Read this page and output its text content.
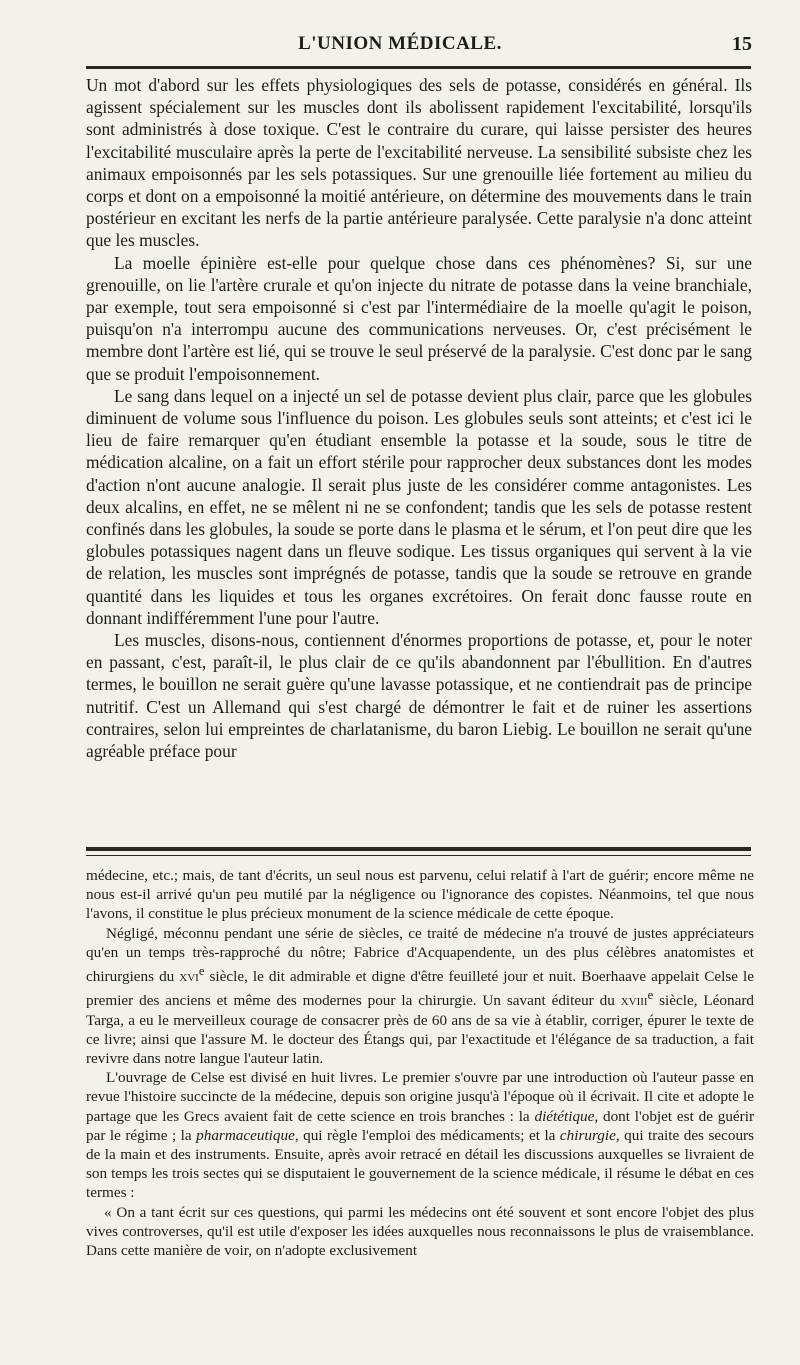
L'UNION MÉDICALE.	15

Un mot d'abord sur les effets physiologiques des sels de potasse, considérés en général. Ils agissent spécialement sur les muscles dont ils abolissent rapidement l'excitabilité, lorsqu'ils sont administrés à dose toxique. C'est le contraire du curare, qui laisse persister des heures l'excitabilité musculaire après la perte de l'excitabilité nerveuse. La sensibilité subsiste chez les animaux empoisonnés par les sels potassiques. Sur une grenouille liée fortement au milieu du corps et dont on a empoisonné la moitié antérieure, on détermine des mouvements dans le train postérieur en excitant les nerfs de la partie antérieure paralysée. Cette paralysie n'a donc atteint que les muscles.

La moelle épinière est-elle pour quelque chose dans ces phénomènes? Si, sur une grenouille, on lie l'artère crurale et qu'on injecte du nitrate de potasse dans la veine branchiale, par exemple, tout sera empoisonné si c'est par l'intermédiaire de la moelle qu'agit le poison, puisqu'on n'a interrompu aucune des communications nerveuses. Or, c'est précisément le membre dont l'artère est lié, qui se trouve le seul préservé de la paralysie. C'est donc par le sang que se produit l'empoisonnement.

Le sang dans lequel on a injecté un sel de potasse devient plus clair, parce que les globules diminuent de volume sous l'influence du poison. Les globules seuls sont atteints; et c'est ici le lieu de faire remarquer qu'en étudiant ensemble la potasse et la soude, sous le titre de médication alcaline, on a fait un effort stérile pour rapprocher deux substances dont les modes d'action n'ont aucune analogie. Il serait plus juste de les considérer comme antagonistes. Les deux alcalins, en effet, ne se mêlent ni ne se confondent; tandis que les sels de potasse restent confinés dans les globules, la soude se porte dans le plasma et le sérum, et l'on peut dire que les globules potassiques nagent dans un fleuve sodique. Les tissus organiques qui servent à la vie de relation, les muscles sont imprégnés de potasse, tandis que la soude se retrouve en grande quantité dans les liquides et tous les organes excrétoires. On ferait donc fausse route en donnant indifféremment l'une pour l'autre.

Les muscles, disons-nous, contiennent d'énormes proportions de potasse, et, pour le noter en passant, c'est, paraît-il, le plus clair de ce qu'ils abandonnent par l'ébullition. En d'autres termes, le bouillon ne serait guère qu'une lavasse potassique, et ne contiendrait pas de principe nutritif. C'est un Allemand qui s'est chargé de démontrer le fait et de ruiner les assertions contraires, selon lui empreintes de charlatanisme, du baron Liebig. Le bouillon ne serait qu'une agréable préface pour

médecine, etc.; mais, de tant d'écrits, un seul nous est parvenu, celui relatif à l'art de guérir; encore même ne nous est-il arrivé qu'un peu mutilé par la négligence ou l'ignorance des copistes. Néanmoins, tel que nous l'avons, il constitue le plus précieux monument de la science médicale de cette époque.

Négligé, méconnu pendant une série de siècles, ce traité de médecine n'a trouvé de justes appréciateurs qu'en un temps très-rapproché du nôtre; Fabrice d'Acquapendente, un des plus célèbres anatomistes et chirurgiens du xvi$^e$ siècle, le dit admirable et digne d'être feuilleté jour et nuit. Boerhaave appelait Celse le premier des anciens et même des modernes pour la chirurgie. Un savant éditeur du xviii$^e$ siècle, Léonard Targa, a eu le merveilleux courage de consacrer près de 60 ans de sa vie à établir, corriger, épurer le texte de ce livre; ainsi que l'assure M. le docteur des Étangs qui, par l'exactitude et l'élégance de sa traduction, a fait revivre dans notre langue l'auteur latin.

L'ouvrage de Celse est divisé en huit livres. Le premier s'ouvre par une introduction où l'auteur passe en revue l'histoire succincte de la médecine, depuis son origine jusqu'à l'époque où il écrivait. Il cite et adopte le partage que les Grecs avaient fait de cette science en trois branches : la diététique, dont l'objet est de guérir par le régime ; la pharmaceutique, qui règle l'emploi des médicaments; et la chirurgie, qui traite des secours de la main et des instruments. Ensuite, après avoir retracé en détail les discussions auxquelles se livraient de son temps les trois sectes qui se disputaient le gouvernement de la science médicale, il résume le débat en ces termes :

« On a tant écrit sur ces questions, qui parmi les médecins ont été souvent et sont encore l'objet des plus vives controverses, qu'il est utile d'exposer les idées auxquelles nous reconnaissons le plus de vraisemblance. Dans cette manière de voir, on n'adopte exclusivement
